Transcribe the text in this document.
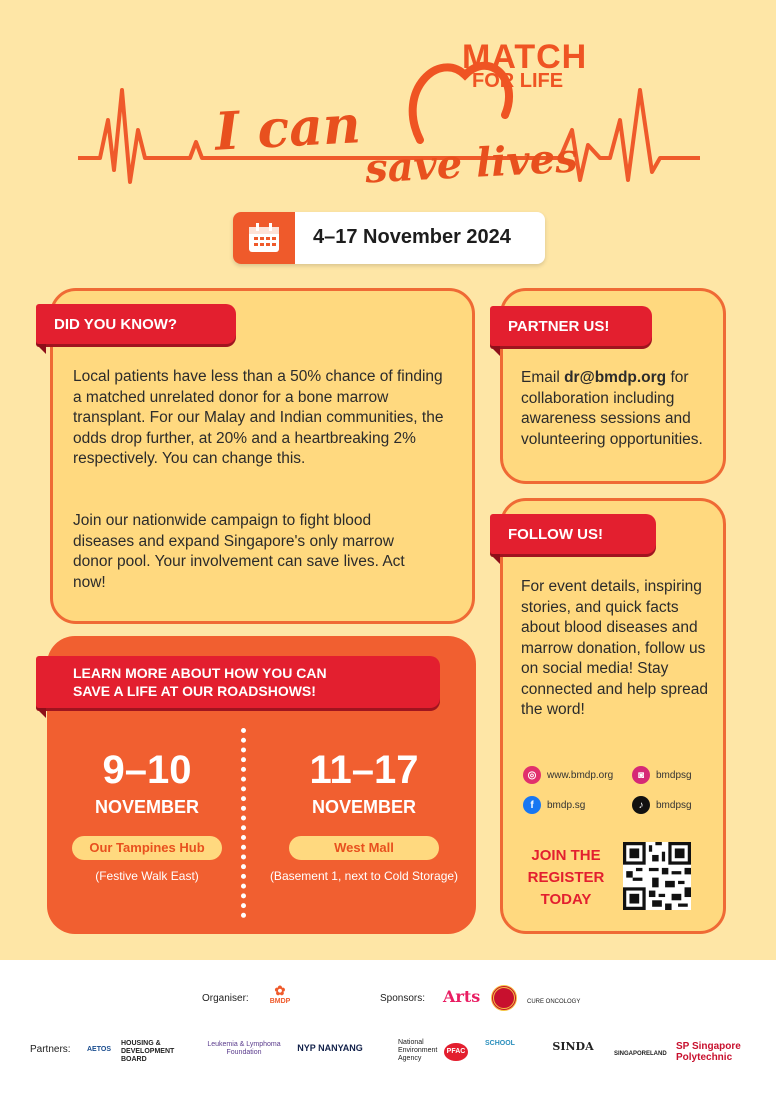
MATCH
FOR LIFE
I can
save lives
4–17 November 2024
DID YOU KNOW?
Local patients have less than a 50% chance of finding a matched unrelated donor for a bone marrow transplant. For our Malay and Indian communities, the odds drop further, at 20% and a heartbreaking 2% respectively. You can change this.
Join our nationwide campaign to fight blood diseases and expand Singapore's only marrow donor pool. Your involvement can save lives. Act now!
PARTNER US!
Email dr@bmdp.org for collaboration including awareness sessions and volunteering opportunities.
FOLLOW US!
For event details, inspiring stories, and quick facts about blood diseases and marrow donation, follow us on social media! Stay connected and help spread the word!
◎	www.bmdp.org	◙	bmdpsg
f	bmdp.sg	♪	bmdpsg
JOIN THE
REGISTER
TODAY
LEARN MORE ABOUT HOW YOU CAN
SAVE A LIFE AT OUR ROADSHOWS!
9–10
NOVEMBER
Our Tampines Hub
(Festive Walk East)
11–17
NOVEMBER
West Mall
(Basement 1, next to Cold Storage)
Organiser:
✿
BMDP	Sponsors: Arts	CURE ONCOLOGY
Partners:	AETOS
HOUSING & DEVELOPMENT BOARD
Leukemia & Lymphoma Foundation	NYP NANYANG
National Environment Agency
PFAC
SCHOOL	SINDA
SINGAPORELAND
SP Singapore Polytechnic
